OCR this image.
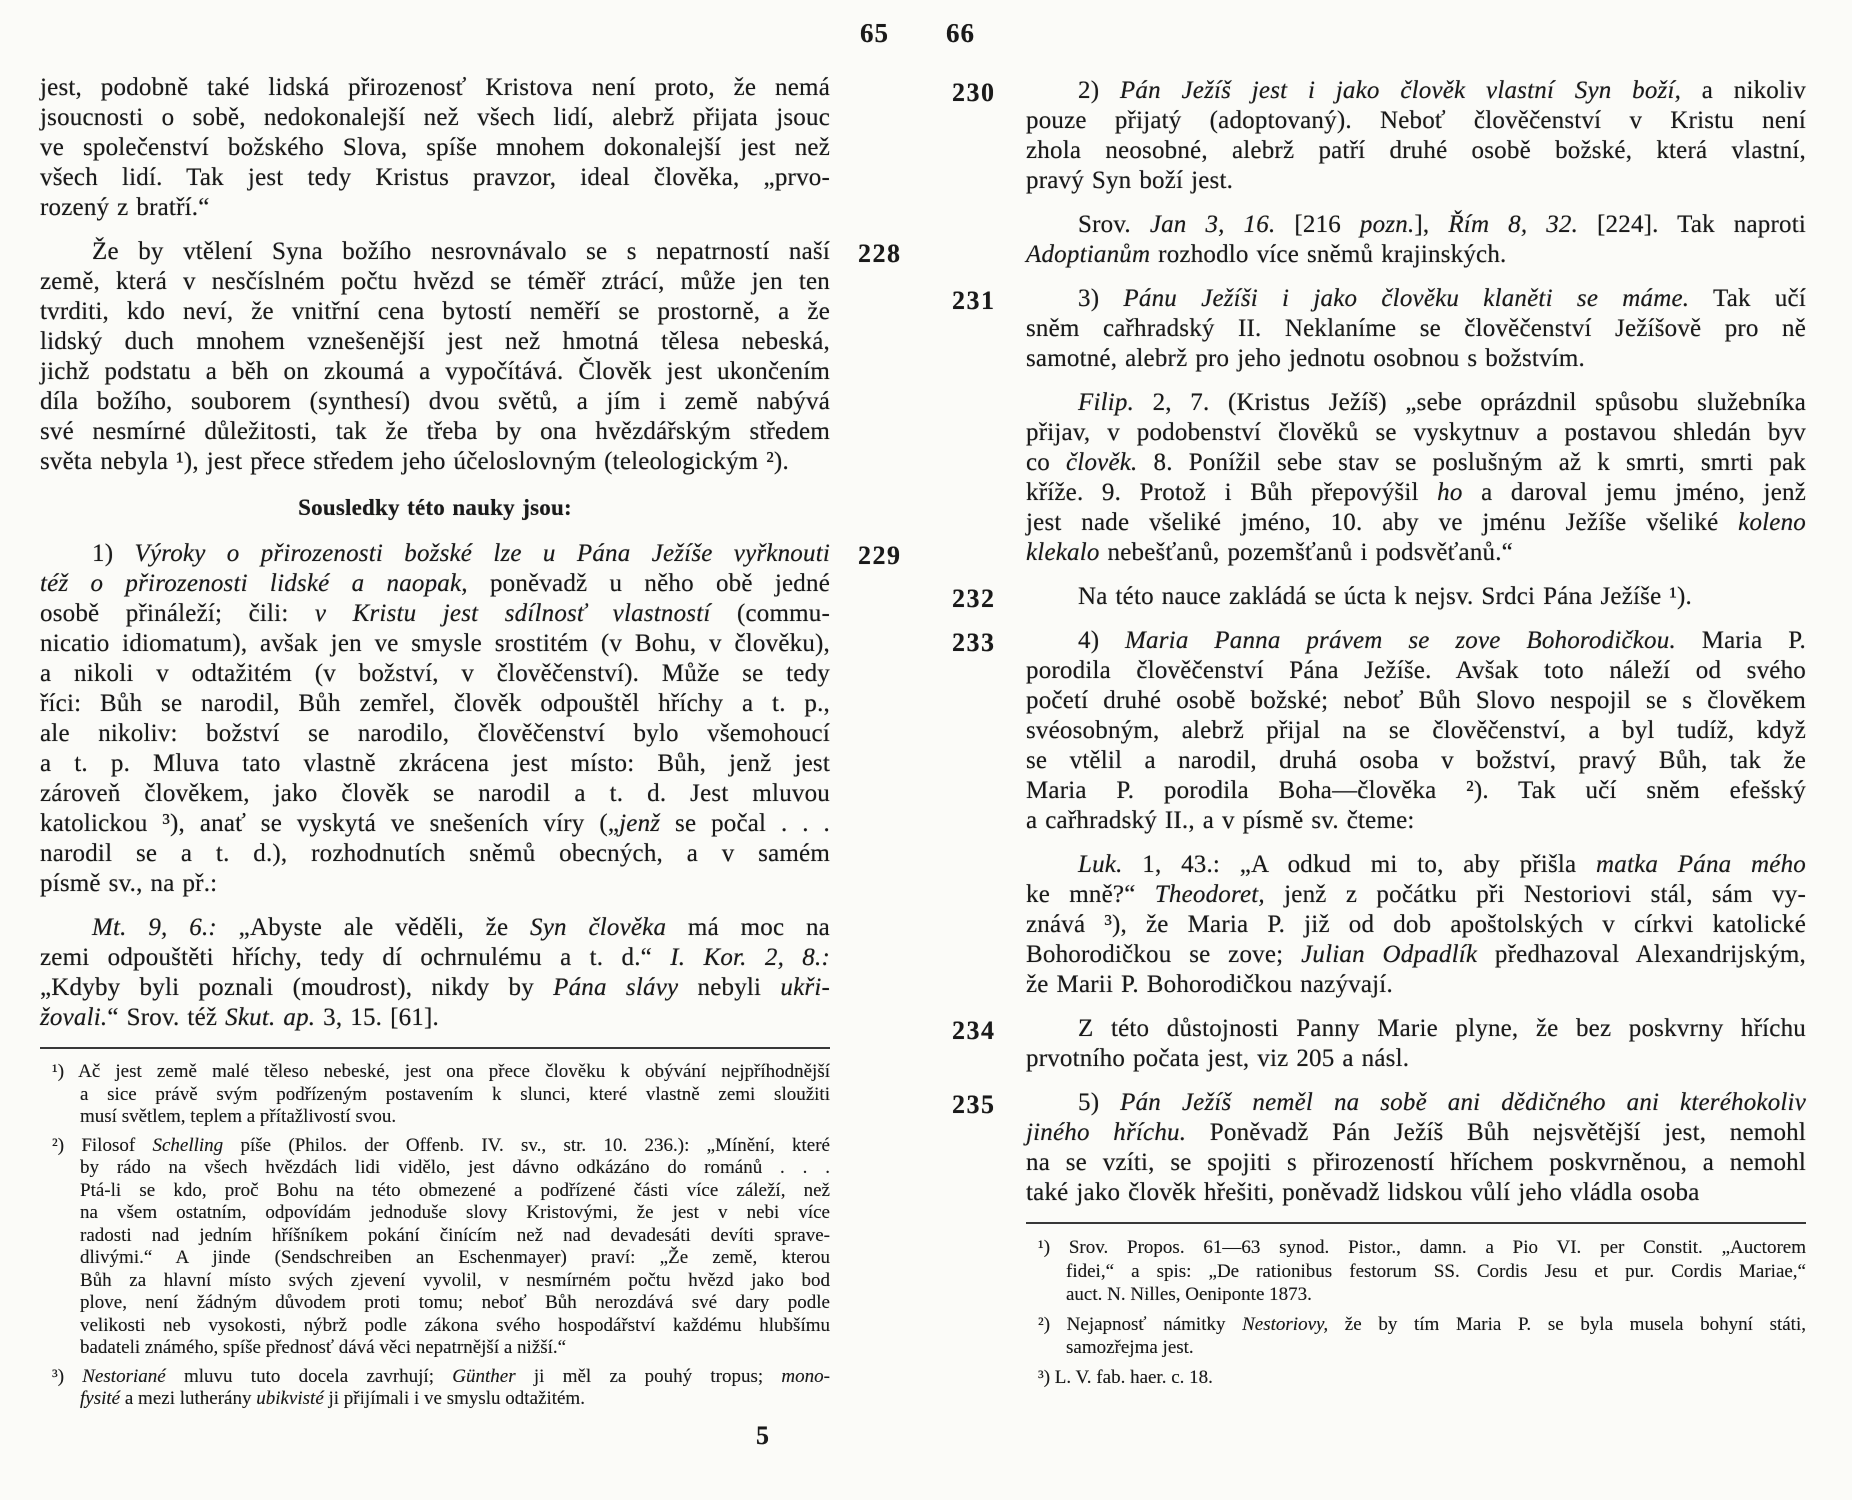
65 66
jest, podobně také lidská přirozenosť Kristova není proto, že nemá
jsoucnosti o sobě, nedokonalejší než všech lidí, alebrž přijata jsouc
ve společenství božského Slova, spíše mnohem dokonalejší jest než
všech lidí. Tak jest tedy Kristus pravzor, ideal člověka, „prvo-
rozený z bratří.“
228
Že by vtělení Syna božího nesrovnávalo se s nepatrností naší
země, která v nesčíslném počtu hvězd se téměř ztrácí, může jen ten
tvrditi, kdo neví, že vnitřní cena bytostí neměří se prostorně, a že
lidský duch mnohem vznešenější jest než hmotná tělesa nebeská,
jichž podstatu a běh on zkoumá a vypočítává. Člověk jest ukončením
díla božího, souborem (synthesí) dvou světů, a jím i země nabývá
své nesmírné důležitosti, tak že třeba by ona hvězdářským středem
světa nebyla ¹), jest přece středem jeho účeloslovným (teleologickým ²).
Sousledky této nauky jsou:
229
1) Výroky o přirozenosti božské lze u Pána Ježíše vyřknouti
též o přirozenosti lidské a naopak, poněvadž u něho obě jedné
osobě přináleží; čili: v Kristu jest sdílnosť vlastností (commu-
nicatio idiomatum), avšak jen ve smysle srostitém (v Bohu, v člověku),
a nikoli v odtažitém (v božství, v člověčenství). Může se tedy
říci: Bůh se narodil, Bůh zemřel, člověk odpouštěl hříchy a t. p.,
ale nikoliv: božství se narodilo, člověčenství bylo všemohoucí
a t. p. Mluva tato vlastně zkrácena jest místo: Bůh, jenž jest
zároveň člověkem, jako člověk se narodil a t. d. Jest mluvou
katolickou ³), anať se vyskytá ve snešeních víry („jenž se počal . . .
narodil se a t. d.), rozhodnutích sněmů obecných, a v samém
písmě sv., na př.:
Mt. 9, 6.: „Abyste ale věděli, že Syn člověka má moc na
zemi odpouštěti hříchy, tedy dí ochrnulému a t. d.“ I. Kor. 2, 8.:
„Kdyby byli poznali (moudrost), nikdy by Pána slávy nebyli ukři-
žovali.“ Srov. též Skut. ap. 3, 15. [61].
¹) Ač jest země malé těleso nebeské, jest ona přece člověku k obývání nejpříhodnější
a sice právě svým podřízeným postavením k slunci, které vlastně zemi sloužiti
musí světlem, teplem a přítažlivostí svou.
²) Filosof Schelling píše (Philos. der Offenb. IV. sv., str. 10. 236.): „Mínění, které
by rádo na všech hvězdách lidi vidělo, jest dávno odkázáno do románů . . .
Ptá-li se kdo, proč Bohu na této obmezené a podřízené části více záleží, než
na všem ostatním, odpovídám jednoduše slovy Kristovými, že jest v nebi více
radosti nad jedním hříšníkem pokání činícím než nad devadesáti devíti sprave-
dlivými.“ A jinde (Sendschreiben an Eschenmayer) praví: „Že země, kterou
Bůh za hlavní místo svých zjevení vyvolil, v nesmírném počtu hvězd jako bod
plove, není žádným důvodem proti tomu; neboť Bůh nerozdává své dary podle
velikosti neb vysokosti, nýbrž podle zákona svého hospodářství každému hlubšímu
badateli známého, spíše přednosť dává věci nepatrnější a nižší.“
³) Nestoriané mluvu tuto docela zavrhují; Günther ji měl za pouhý tropus; mono-
fysité a mezi lutherány ubikvisté ji přijímali i ve smyslu odtažitém.
5
230	2) Pán Ježíš jest i jako člověk vlastní Syn boží, a nikoliv
pouze přijatý (adoptovaný). Neboť člověčenství v Kristu není
zhola neosobné, alebrž patří druhé osobě božské, která vlastní,
pravý Syn boží jest.
Srov. Jan 3, 16. [216 pozn.], Řím 8, 32. [224]. Tak naproti
Adoptianům rozhodlo více sněmů krajinských.
231	3) Pánu Ježíši i jako člověku klaněti se máme. Tak učí
sněm cařhradský II. Neklaníme se člověčenství Ježíšově pro ně
samotné, alebrž pro jeho jednotu osobnou s božstvím.
Filip. 2, 7. (Kristus Ježíš) „sebe oprázdnil spůsobu služebníka
přijav, v podobenství člověků se vyskytnuv a postavou shledán byv
co člověk. 8. Ponížil sebe stav se poslušným až k smrti, smrti pak
kříže. 9. Protož i Bůh přepovýšil ho a daroval jemu jméno, jenž
jest nade všeliké jméno, 10. aby ve jménu Ježíše všeliké koleno
klekalo nebešťanů, pozemšťanů i podsvěťanů.“
232	Na této nauce zakládá se úcta k nejsv. Srdci Pána Ježíše ¹).
233	4) Maria Panna právem se zove Bohorodičkou. Maria P.
porodila člověčenství Pána Ježíše. Avšak toto náleží od svého
početí druhé osobě božské; neboť Bůh Slovo nespojil se s člověkem
svéosobným, alebrž přijal na se člověčenství, a byl tudíž, když
se vtělil a narodil, druhá osoba v božství, pravý Bůh, tak že
Maria P. porodila Boha—člověka ²). Tak učí sněm efešský
a cařhradský II., a v písmě sv. čteme:
Luk. 1, 43.: „A odkud mi to, aby přišla matka Pána mého
ke mně?“ Theodoret, jenž z počátku při Nestoriovi stál, sám vy-
znává ³), že Maria P. již od dob apoštolských v církvi katolické
Bohorodičkou se zove; Julian Odpadlík předhazoval Alexandrijským,
že Marii P. Bohorodičkou nazývají.
234	Z této důstojnosti Panny Marie plyne, že bez poskvrny hříchu
prvotního počata jest, viz 205 a násl.
235	5) Pán Ježíš neměl na sobě ani dědičného ani kteréhokoliv
jiného hříchu. Poněvadž Pán Ježíš Bůh nejsvětější jest, nemohl
na se vzíti, se spojiti s přirozeností hříchem poskvrněnou, a nemohl
také jako člověk hřešiti, poněvadž lidskou vůlí jeho vládla osoba
¹) Srov. Propos. 61—63 synod. Pistor., damn. a Pio VI. per Constit. „Auctorem
fidei,“ a spis: „De rationibus festorum SS. Cordis Jesu et pur. Cordis Mariae,“
auct. N. Nilles, Oeniponte 1873.
²) Nejapnosť námitky Nestoriovy, že by tím Maria P. se byla musela bohyní státi,
samozřejma jest.
³) L. V. fab. haer. c. 18.
